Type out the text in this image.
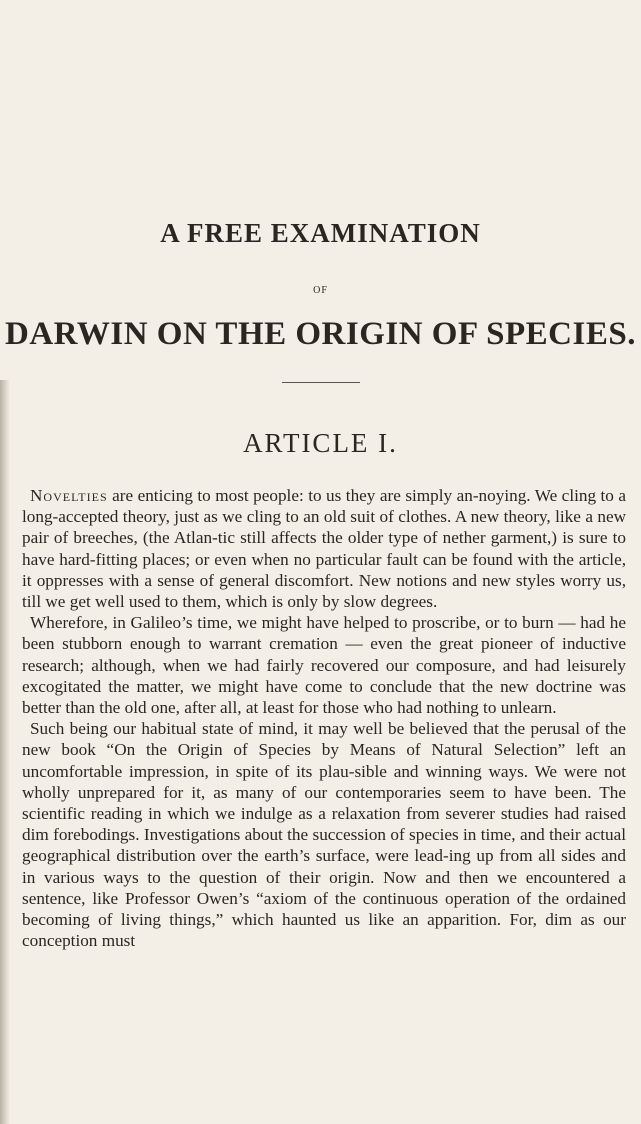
A FREE EXAMINATION
OF
DARWIN ON THE ORIGIN OF SPECIES.
ARTICLE I.

Novelties are enticing to most people: to us they are simply an-noying. We cling to a long-accepted theory, just as we cling to an old suit of clothes. A new theory, like a new pair of breeches, (the Atlan-tic still affects the older type of nether garment,) is sure to have hard-fitting places; or even when no particular fault can be found with the article, it oppresses with a sense of general discomfort. New notions and new styles worry us, till we get well used to them, which is only by slow degrees.

Wherefore, in Galileo’s time, we might have helped to proscribe, or to burn — had he been stubborn enough to warrant cremation — even the great pioneer of inductive research; although, when we had fairly recovered our composure, and had leisurely excogitated the matter, we might have come to conclude that the new doctrine was better than the old one, after all, at least for those who had nothing to unlearn.

Such being our habitual state of mind, it may well be believed that the perusal of the new book “On the Origin of Species by Means of Natural Selection” left an uncomfortable impression, in spite of its plau-sible and winning ways. We were not wholly unprepared for it, as many of our contemporaries seem to have been. The scientific reading in which we indulge as a relaxation from severer studies had raised dim forebodings. Investigations about the succession of species in time, and their actual geographical distribution over the earth’s surface, were lead-ing up from all sides and in various ways to the question of their origin. Now and then we encountered a sentence, like Professor Owen’s “axiom of the continuous operation of the ordained becoming of living things,” which haunted us like an apparition. For, dim as our conception must
